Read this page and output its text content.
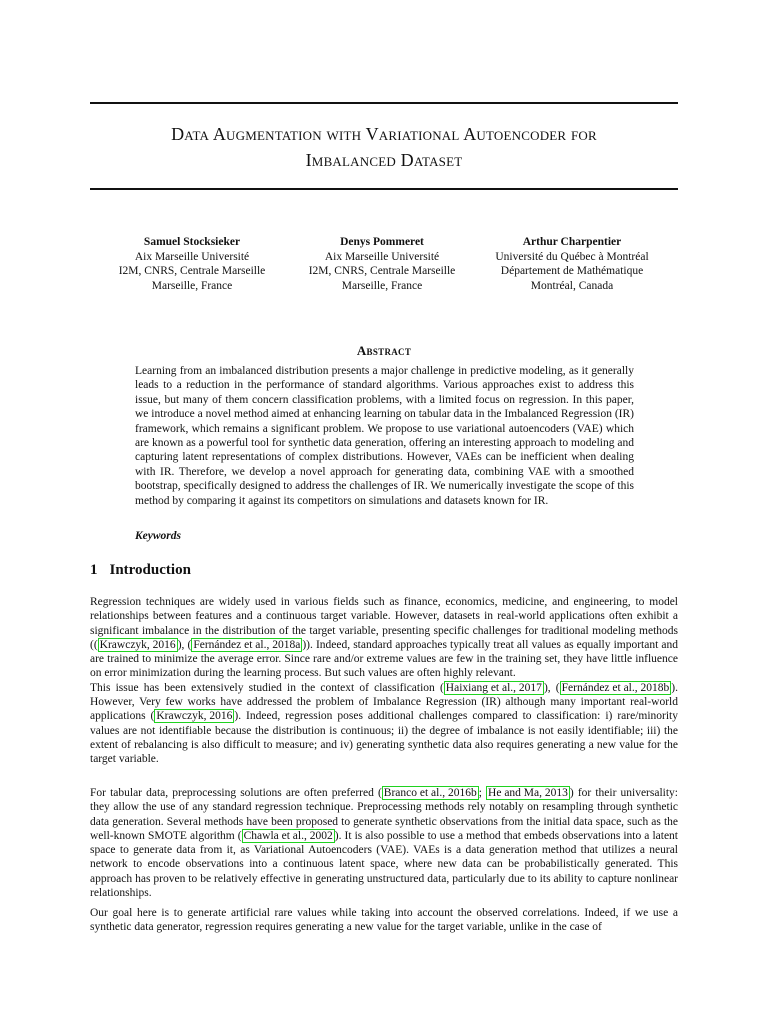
Data Augmentation with Variational Autoencoder for
Imbalanced Dataset
Samuel Stocksieker
Aix Marseille Université
I2M, CNRS, Centrale Marseille
Marseille, France
Denys Pommeret
Aix Marseille Université
I2M, CNRS, Centrale Marseille
Marseille, France
Arthur Charpentier
Université du Québec à Montréal
Département de Mathématique
Montréal, Canada
Abstract

Learning from an imbalanced distribution presents a major challenge in predictive modeling, as it generally leads to a reduction in the performance of standard algorithms. Various approaches exist to address this issue, but many of them concern classification problems, with a limited focus on regression. In this paper, we introduce a novel method aimed at enhancing learning on tabular data in the Imbalanced Regression (IR) framework, which remains a significant problem. We propose to use variational autoencoders (VAE) which are known as a powerful tool for synthetic data generation, offering an interesting approach to modeling and capturing latent representations of complex distributions. However, VAEs can be inefficient when dealing with IR. Therefore, we develop a novel approach for generating data, combining VAE with a smoothed bootstrap, specifically designed to address the challenges of IR. We numerically investigate the scope of this method by comparing it against its competitors on simulations and datasets known for IR.

Keywords
1 Introduction

Regression techniques are widely used in various fields such as finance, economics, medicine, and engineering, to model relationships between features and a continuous target variable. However, datasets in real-world applications often exhibit a significant imbalance in the distribution of the target variable, presenting specific challenges for traditional modeling methods (( Krawczyk, 2016 ), ( Fernández et al., 2018a )). Indeed, standard approaches typically treat all values as equally important and are trained to minimize the average error. Since rare and/or extreme values are few in the training set, they have little influence on error minimization during the learning process. But such values are often highly relevant.
This issue has been extensively studied in the context of classification ( Haixiang et al., 2017 ), ( Fernández et al., 2018b ). However, Very few works have addressed the problem of Imbalance Regression (IR) although many important real-world applications ( Krawczyk, 2016 ). Indeed, regression poses additional challenges compared to classification: i) rare/minority values are not identifiable because the distribution is continuous; ii) the degree of imbalance is not easily identifiable; iii) the extent of rebalancing is also difficult to measure; and iv) generating synthetic data also requires generating a new value for the target variable.

For tabular data, preprocessing solutions are often preferred ( Branco et al., 2016b ; He and Ma, 2013 ) for their universality: they allow the use of any standard regression technique. Preprocessing methods rely notably on resampling through synthetic data generation. Several methods have been proposed to generate synthetic observations from the initial data space, such as the well-known SMOTE algorithm ( Chawla et al., 2002 ). It is also possible to use a method that embeds observations into a latent space to generate data from it, as Variational Autoencoders (VAE). VAEs is a data generation method that utilizes a neural network to encode observations into a continuous latent space, where new data can be probabilistically generated. This approach has proven to be relatively effective in generating unstructured data, particularly due to its ability to capture nonlinear relationships.

Our goal here is to generate artificial rare values while taking into account the observed correlations. Indeed, if we use a synthetic data generator, regression requires generating a new value for the target variable, unlike in the case of
